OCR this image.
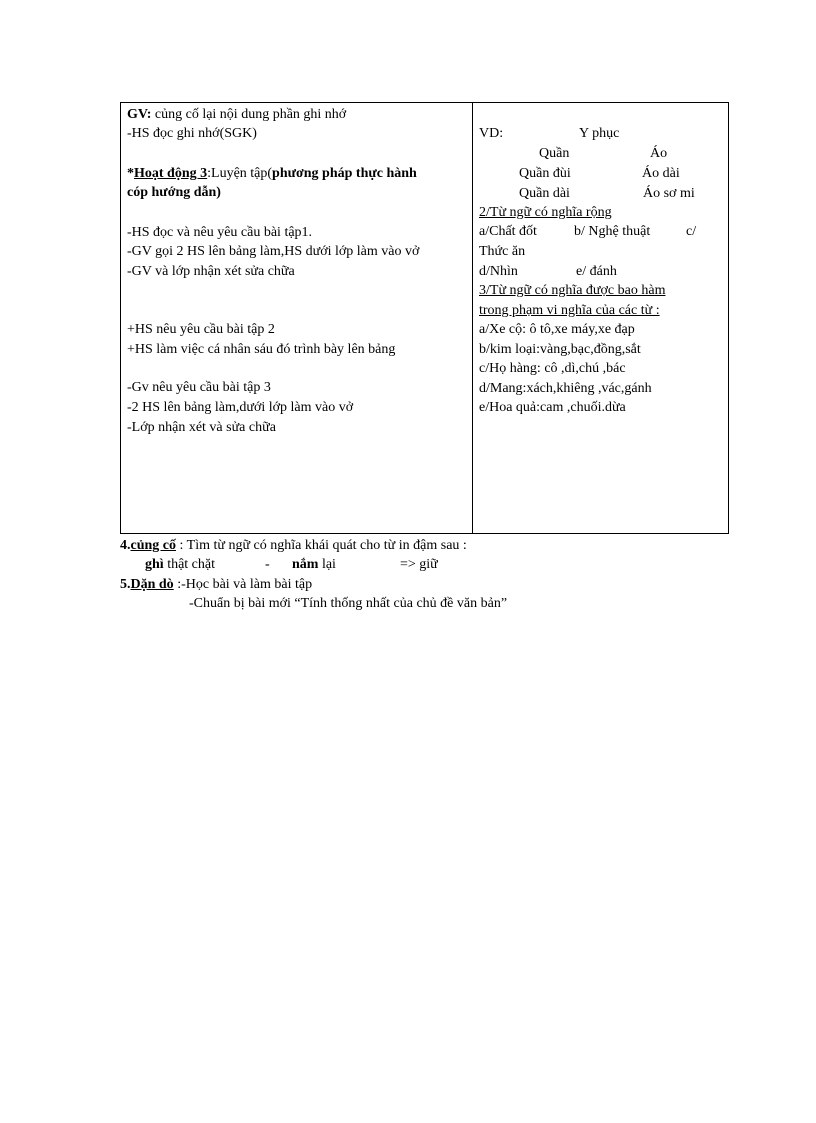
GV: củng cố lại nội dung phần ghi nhớ
-HS đọc ghi nhớ(SGK)
*Hoạt động 3:Luyện tập(phương pháp thực hành
cóp hướng dẫn)
-HS đọc và nêu yêu cầu bài tập1.
-GV gọi 2 HS lên bảng làm,HS dưới lớp làm vào vở
-GV và lớp nhận xét sửa chữa
+HS nêu yêu cầu bài tập 2
+HS làm việc cá nhân sáu đó trình bày lên bảng
-Gv nêu yêu cầu bài tập 3
-2 HS lên bảng làm,dưới lớp làm vào vở
-Lớp nhận xét và sửa chữa
VD:	Y phục
Quần	Áo
Quần đùi	Áo dài
Quần dài	Áo sơ mi
2/Từ ngữ có nghĩa rộng
a/Chất đốt	b/ Nghệ thuật	c/
Thức ăn
d/Nhìn	e/ đánh
3/Từ ngữ có nghĩa được bao hàm
trong phạm vi nghĩa của các từ :
a/Xe cộ: ô tô,xe máy,xe đạp
b/kim loại:vàng,bạc,đồng,sắt
c/Họ hàng: cô ,dì,chú ,bác
d/Mang:xách,khiêng ,vác,gánh
e/Hoa quả:cam ,chuối.dừa
4.củng cố : Tìm từ ngữ có nghĩa khái quát cho từ in đậm sau :
ghì thật chặt	- nắm lại	=> giữ
5.Dặn dò :-Học bài và làm bài tập
-Chuẩn bị bài mới “Tính thống nhất của chủ đề văn bản”
